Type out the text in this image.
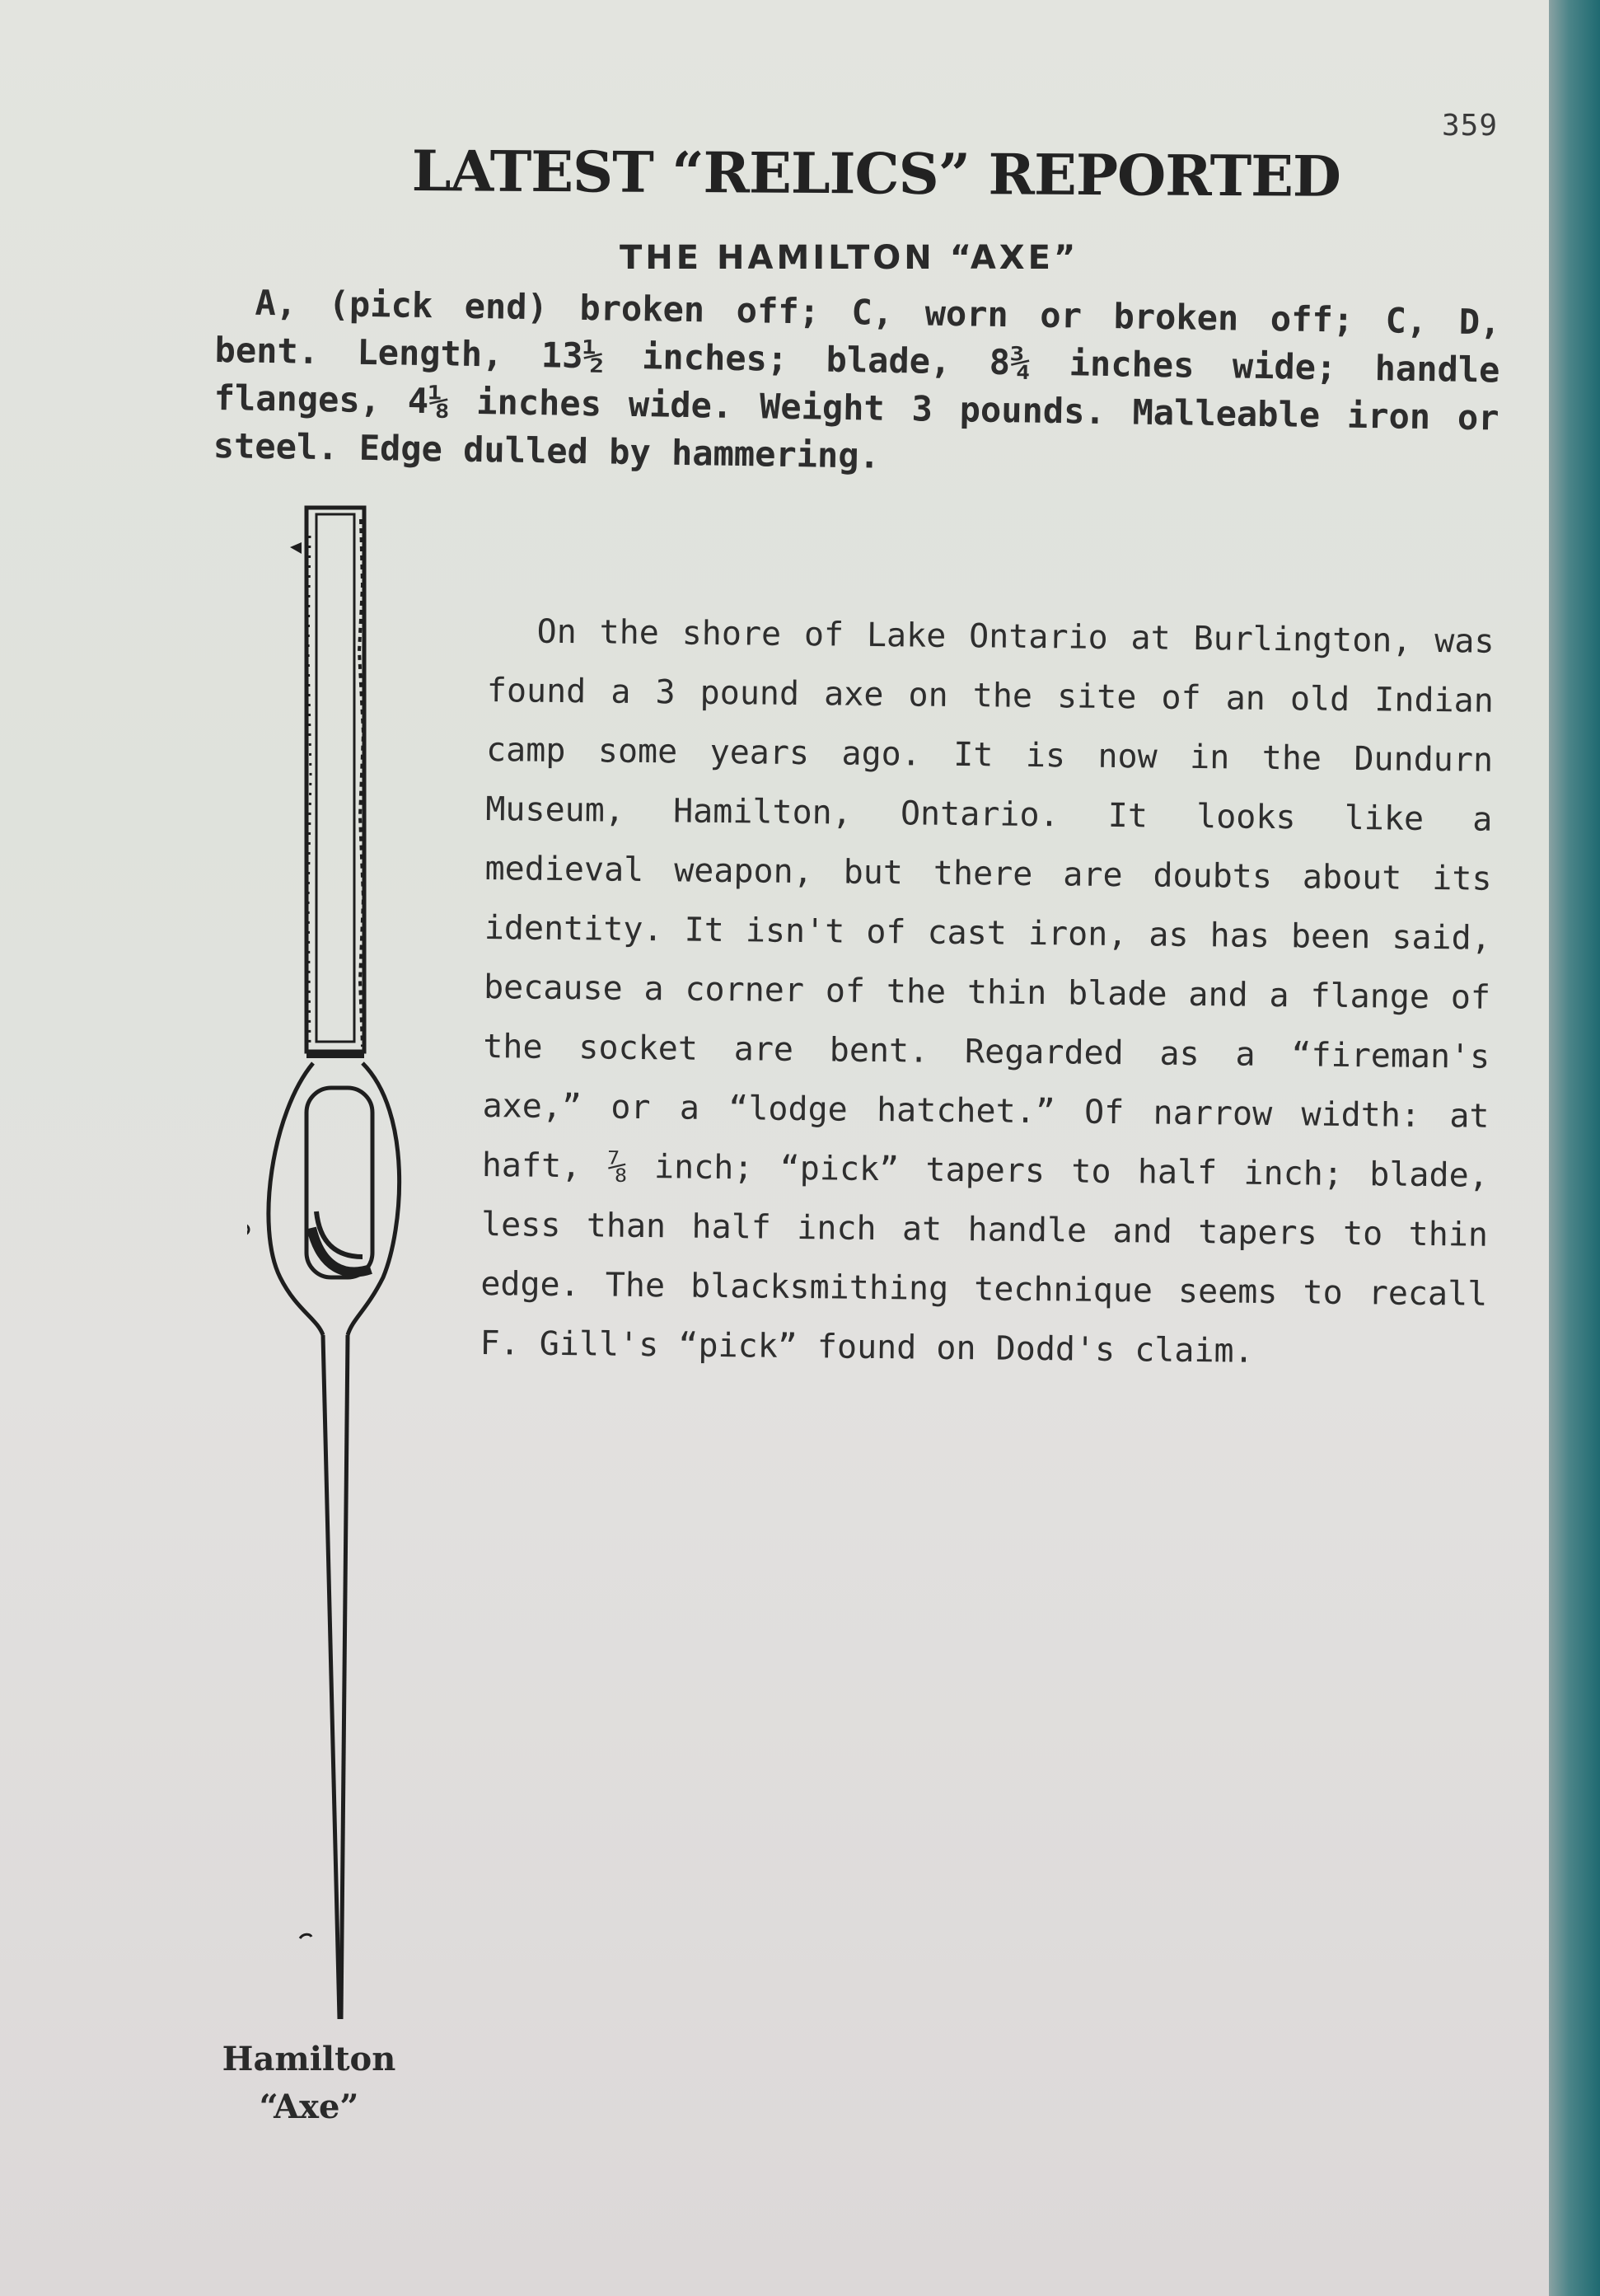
359
LATEST “RELICS” REPORTED
THE HAMILTON “AXE”
A, (pick end) broken off; C, worn or broken off; C, D, bent. Length, 13½ inches; blade, 8¾ inches wide; handle flanges, 4⅛ inches wide. Weight 3 pounds. Malleable iron or steel. Edge dulled by hammering.
On the shore of Lake Ontario at Burlington, was found a 3 pound axe on the site of an old Indian camp some years ago. It is now in the Dundurn Museum, Hamilton, Ontario. It looks like a medieval weapon, but there are doubts about its identity. It isn't of cast iron, as has been said, because a corner of the thin blade and a flange of the socket are bent. Regarded as a “fireman's axe,” or a “lodge hatchet.” Of narrow width: at haft, ⅞ inch; “pick” tapers to half inch; blade, less than half inch at handle and tapers to thin edge. The blacksmithing technique seems to recall F. Gill's “pick” found on Dodd's claim.
Hamilton
“Axe”
